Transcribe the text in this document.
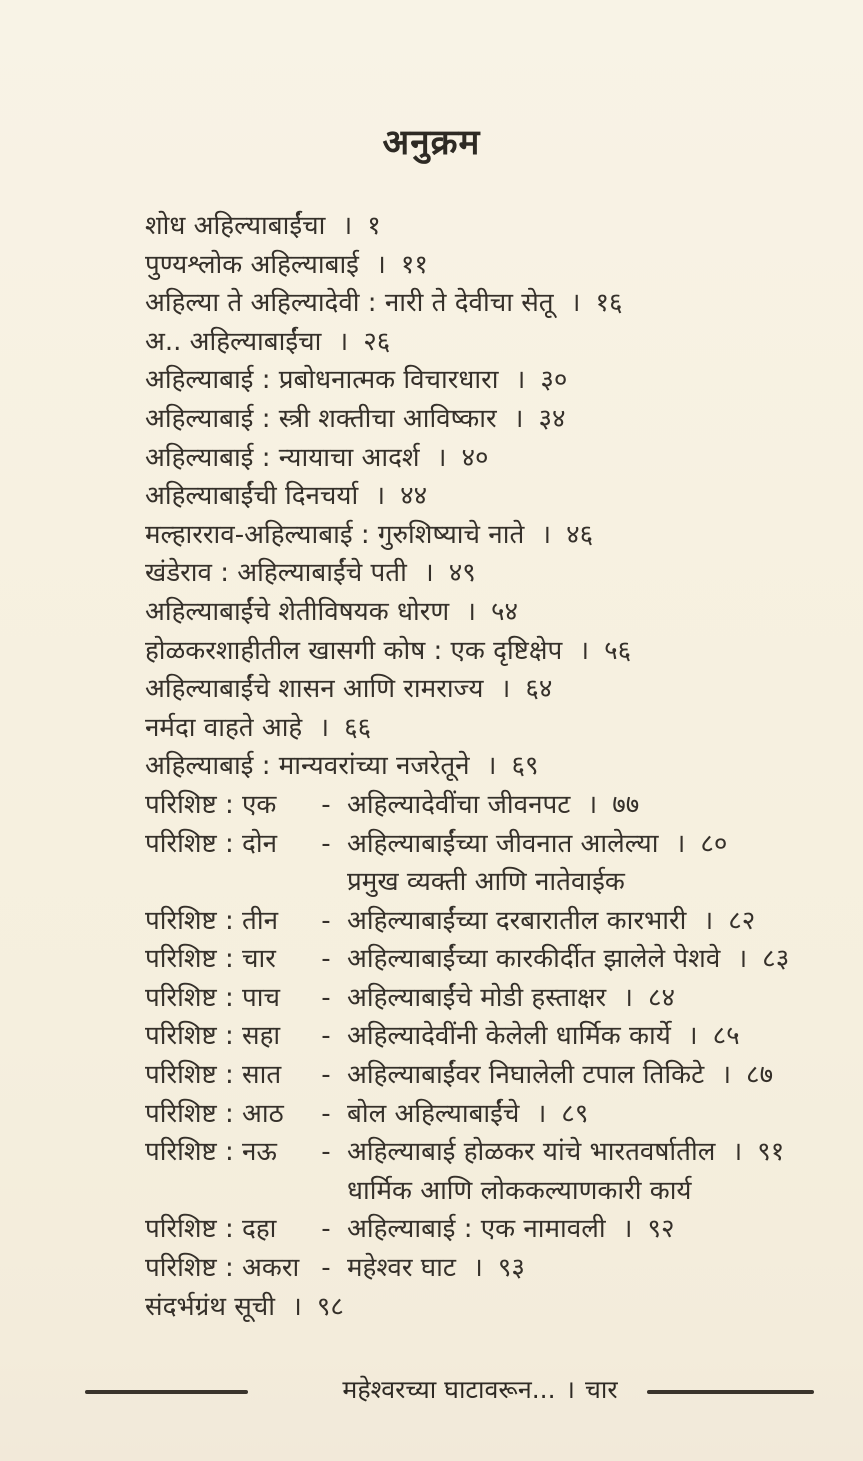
अनुक्रम
शोध अहिल्याबाईंचा । १
पुण्यश्लोक अहिल्याबाई । ११
अहिल्या ते अहिल्यादेवी : नारी ते देवीचा सेतू । १६
अ.. अहिल्याबाईंचा । २६
अहिल्याबाई : प्रबोधनात्मक विचारधारा । ३०
अहिल्याबाई : स्त्री शक्तीचा आविष्कार । ३४
अहिल्याबाई : न्यायाचा आदर्श । ४०
अहिल्याबाईंची दिनचर्या । ४४
मल्हारराव-अहिल्याबाई : गुरुशिष्याचे नाते । ४६
खंडेराव : अहिल्याबाईंचे पती । ४९
अहिल्याबाईंचे शेतीविषयक धोरण । ५४
होळकरशाहीतील खासगी कोष : एक दृष्टिक्षेप । ५६
अहिल्याबाईंचे शासन आणि रामराज्य । ६४
नर्मदा वाहते आहे । ६६
अहिल्याबाई : मान्यवरांच्या नजरेतूने । ६९
परिशिष्ट : एक	- अहिल्यादेवींचा जीवनपट । ७७
परिशिष्ट : दोन	- अहिल्याबाईंच्या जीवनात आलेल्या । ८०
प्रमुख व्यक्ती आणि नातेवाईक
परिशिष्ट : तीन	- अहिल्याबाईंच्या दरबारातील कारभारी । ८२
परिशिष्ट : चार	- अहिल्याबाईंच्या कारकीर्दीत झालेले पेशवे । ८३
परिशिष्ट : पाच	- अहिल्याबाईंचे मोडी हस्ताक्षर । ८४
परिशिष्ट : सहा	- अहिल्यादेवींनी केलेली धार्मिक कार्ये । ८५
परिशिष्ट : सात	- अहिल्याबाईंवर निघालेली टपाल तिकिटे । ८७
परिशिष्ट : आठ	- बोल अहिल्याबाईंचे । ८९
परिशिष्ट : नऊ	- अहिल्याबाई होळकर यांचे भारतवर्षातील । ९१
धार्मिक आणि लोककल्याणकारी कार्य
परिशिष्ट : दहा	- अहिल्याबाई : एक नामावली । ९२
परिशिष्ट : अकरा - महेश्वर घाट । ९३
संदर्भग्रंथ सूची । ९८
महेश्वरच्या घाटावरून... । चार
